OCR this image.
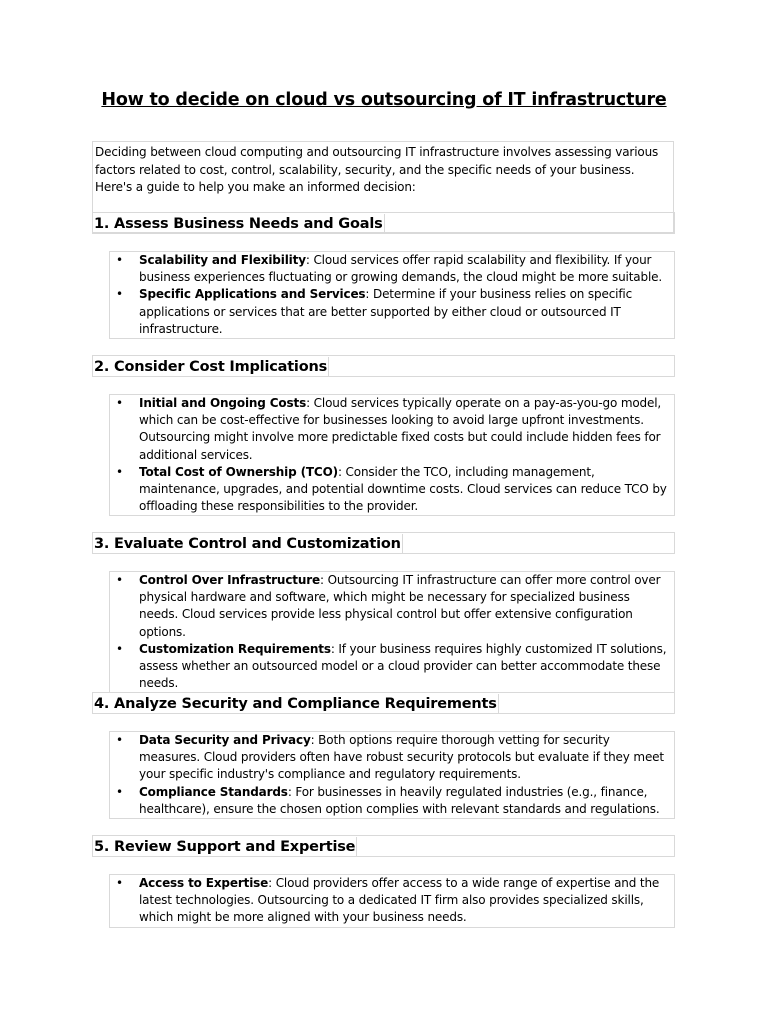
How to decide on cloud vs outsourcing of IT infrastructure
Deciding between cloud computing and outsourcing IT infrastructure involves assessing various factors related to cost, control, scalability, security, and the specific needs of your business. Here's a guide to help you make an informed decision:
1. Assess Business Needs and Goals
• Scalability and Flexibility: Cloud services offer rapid scalability and flexibility. If your business experiences fluctuating or growing demands, the cloud might be more suitable.
• Specific Applications and Services: Determine if your business relies on specific applications or services that are better supported by either cloud or outsourced IT infrastructure.
2. Consider Cost Implications
• Initial and Ongoing Costs: Cloud services typically operate on a pay-as-you-go model, which can be cost-effective for businesses looking to avoid large upfront investments. Outsourcing might involve more predictable fixed costs but could include hidden fees for additional services.
• Total Cost of Ownership (TCO): Consider the TCO, including management, maintenance, upgrades, and potential downtime costs. Cloud services can reduce TCO by offloading these responsibilities to the provider.
3. Evaluate Control and Customization
• Control Over Infrastructure: Outsourcing IT infrastructure can offer more control over physical hardware and software, which might be necessary for specialized business needs. Cloud services provide less physical control but offer extensive configuration options.
• Customization Requirements: If your business requires highly customized IT solutions, assess whether an outsourced model or a cloud provider can better accommodate these needs.
4. Analyze Security and Compliance Requirements
• Data Security and Privacy: Both options require thorough vetting for security measures. Cloud providers often have robust security protocols but evaluate if they meet your specific industry's compliance and regulatory requirements.
• Compliance Standards: For businesses in heavily regulated industries (e.g., finance, healthcare), ensure the chosen option complies with relevant standards and regulations.
5. Review Support and Expertise
• Access to Expertise: Cloud providers offer access to a wide range of expertise and the latest technologies. Outsourcing to a dedicated IT firm also provides specialized skills, which might be more aligned with your business needs.
